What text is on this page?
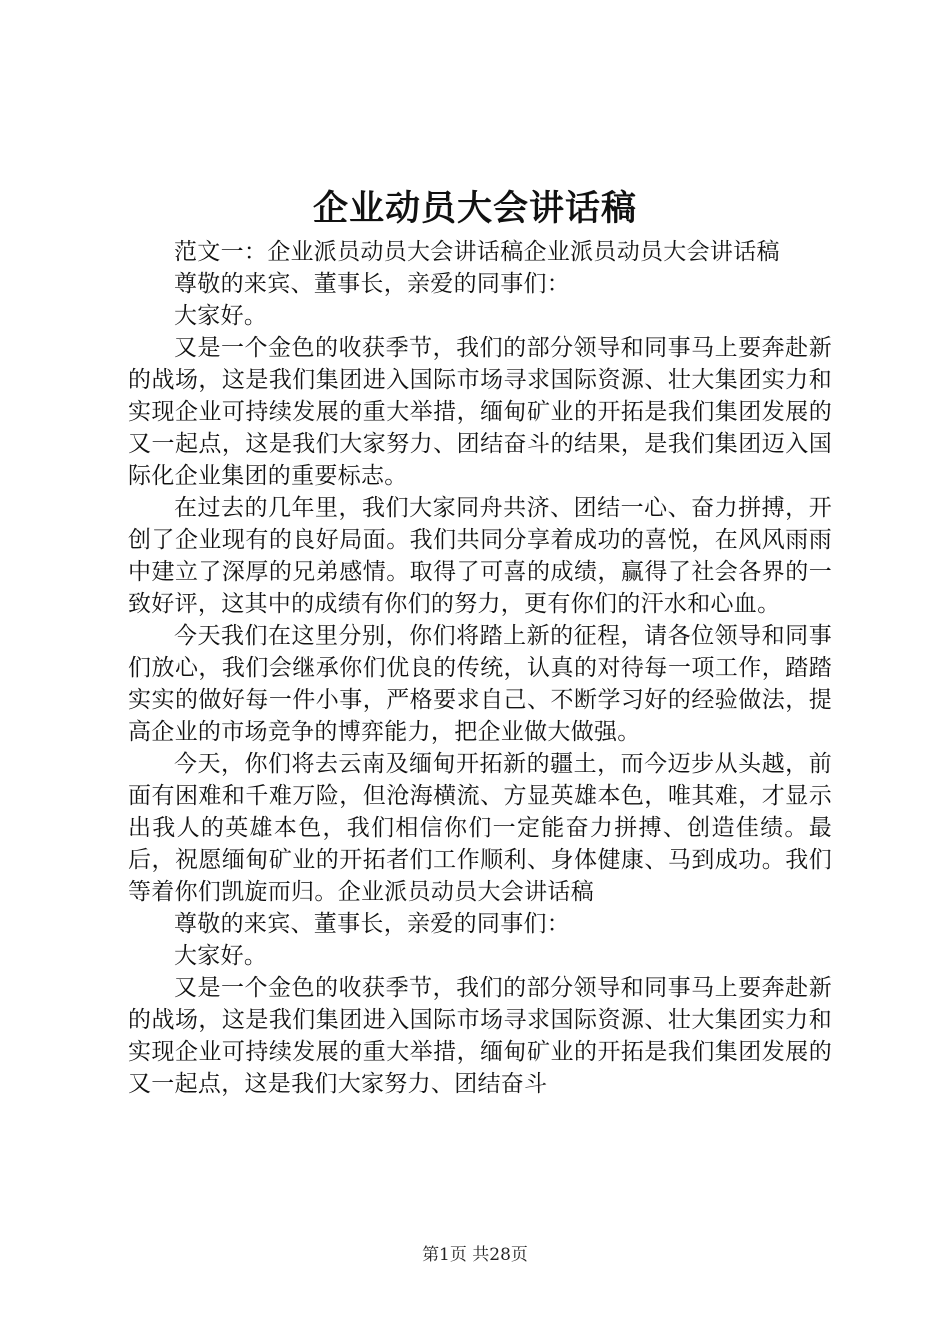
企业动员大会讲话稿

范文一：企业派员动员大会讲话稿企业派员动员大会讲话稿

尊敬的来宾、董事长，亲爱的同事们：

大家好。

又是一个金色的收获季节，我们的部分领导和同事马上要奔赴新的战场，这是我们集团进入国际市场寻求国际资源、壮大集团实力和实现企业可持续发展的重大举措，缅甸矿业的开拓是我们集团发展的又一起点，这是我们大家努力、团结奋斗的结果，是我们集团迈入国际化企业集团的重要标志。

在过去的几年里，我们大家同舟共济、团结一心、奋力拼搏，开创了企业现有的良好局面。我们共同分享着成功的喜悦，在风风雨雨中建立了深厚的兄弟感情。取得了可喜的成绩，赢得了社会各界的一致好评，这其中的成绩有你们的努力，更有你们的汗水和心血。

今天我们在这里分别，你们将踏上新的征程，请各位领导和同事们放心，我们会继承你们优良的传统，认真的对待每一项工作，踏踏实实的做好每一件小事，严格要求自己、不断学习好的经验做法，提高企业的市场竞争的博弈能力，把企业做大做强。

今天，你们将去云南及缅甸开拓新的疆土，而今迈步从头越，前面有困难和千难万险，但沧海横流、方显英雄本色，唯其难，才显示出我人的英雄本色，我们相信你们一定能奋力拼搏、创造佳绩。最后，祝愿缅甸矿业的开拓者们工作顺利、身体健康、马到成功。我们等着你们凯旋而归。企业派员动员大会讲话稿

尊敬的来宾、董事长，亲爱的同事们：

大家好。

又是一个金色的收获季节，我们的部分领导和同事马上要奔赴新的战场，这是我们集团进入国际市场寻求国际资源、壮大集团实力和实现企业可持续发展的重大举措，缅甸矿业的开拓是我们集团发展的又一起点，这是我们大家努力、团结奋斗

第1页 共28页
